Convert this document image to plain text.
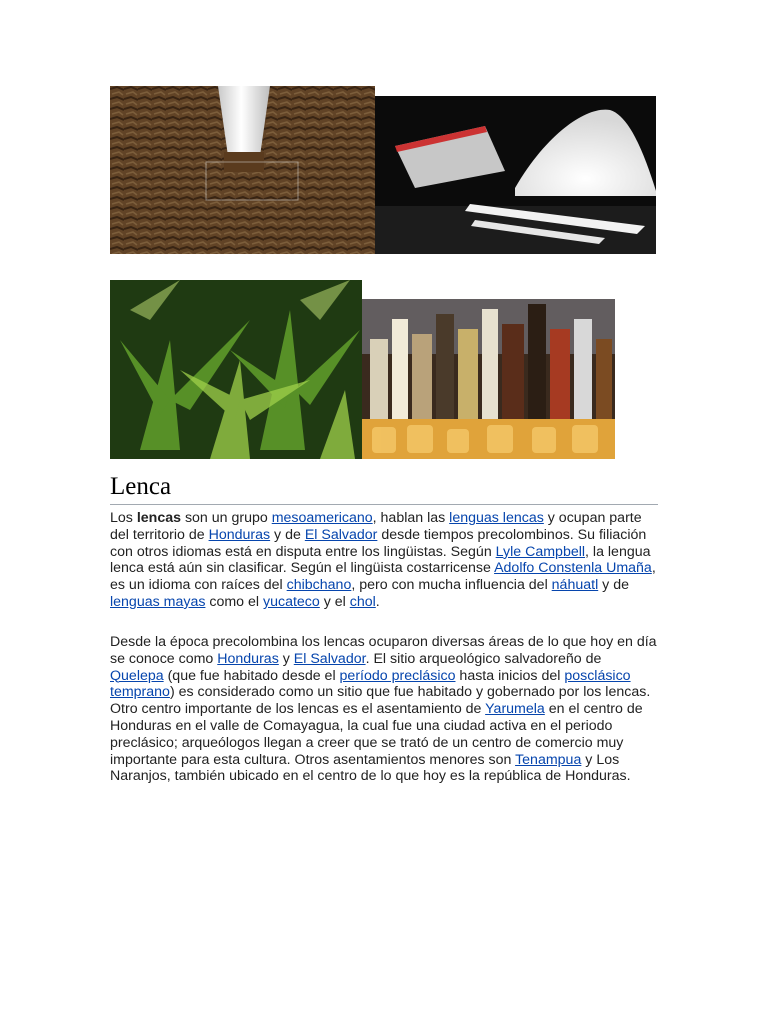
Lenca

Los lencas son un grupo mesoamericano, hablan las lenguas lencas y ocupan parte del territorio de Honduras y de El Salvador desde tiempos precolombinos. Su filiación con otros idiomas está en disputa entre los lingüistas. Según Lyle Campbell, la lengua lenca está aún sin clasificar. Según el lingüista costarricense Adolfo Constenla Umaña, es un idioma con raíces del chibchano, pero con mucha influencia del náhuatl y de lenguas mayas como el yucateco y el chol.

Desde la época precolombina los lencas ocuparon diversas áreas de lo que hoy en día se conoce como Honduras y El Salvador. El sitio arqueológico salvadoreño de Quelepa (que fue habitado desde el período preclásico hasta inicios del posclásico temprano) es considerado como un sitio que fue habitado y gobernado por los lencas. Otro centro importante de los lencas es el asentamiento de Yarumela en el centro de Honduras en el valle de Comayagua, la cual fue una ciudad activa en el periodo preclásico; arqueólogos llegan a creer que se trató de un centro de comercio muy importante para esta cultura. Otros asentamientos menores son Tenampua y Los Naranjos, también ubicado en el centro de lo que hoy es la república de Honduras.
